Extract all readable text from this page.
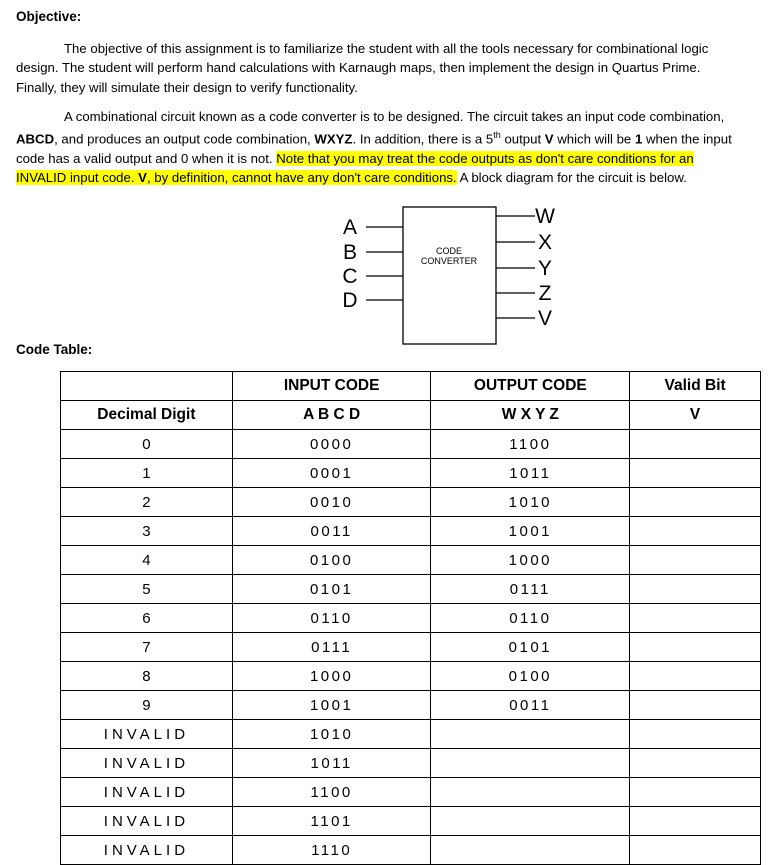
Objective:

The objective of this assignment is to familiarize the student with all the tools necessary for combinational logic design. The student will perform hand calculations with Karnaugh maps, then implement the design in Quartus Prime. Finally, they will simulate their design to verify functionality.

A combinational circuit known as a code converter is to be designed. The circuit takes an input code combination, ABCD, and produces an output code combination, WXYZ. In addition, there is a 5th output V which will be 1 when the input code has a valid output and 0 when it is not. Note that you may treat the code outputs as don't care conditions for an INVALID input code. V, by definition, cannot have any don't care conditions. A block diagram for the circuit is below.

CODE
CONVERTER
A
B
C
D
W
X
Y
Z
V
Code Table:
	INPUT CODE	OUTPUT CODE	Valid Bit
Decimal Digit	A B C D	W X Y Z	V
0	0000	1100	
1	0001	1011	
2	0010	1010	
3	0011	1001	
4	0100	1000	
5	0101	0111	
6	0110	0110	
7	0111	0101	
8	1000	0100	
9	1001	0011	
INVALID	1010		
INVALID	1011		
INVALID	1100		
INVALID	1101		
INVALID	1110		
